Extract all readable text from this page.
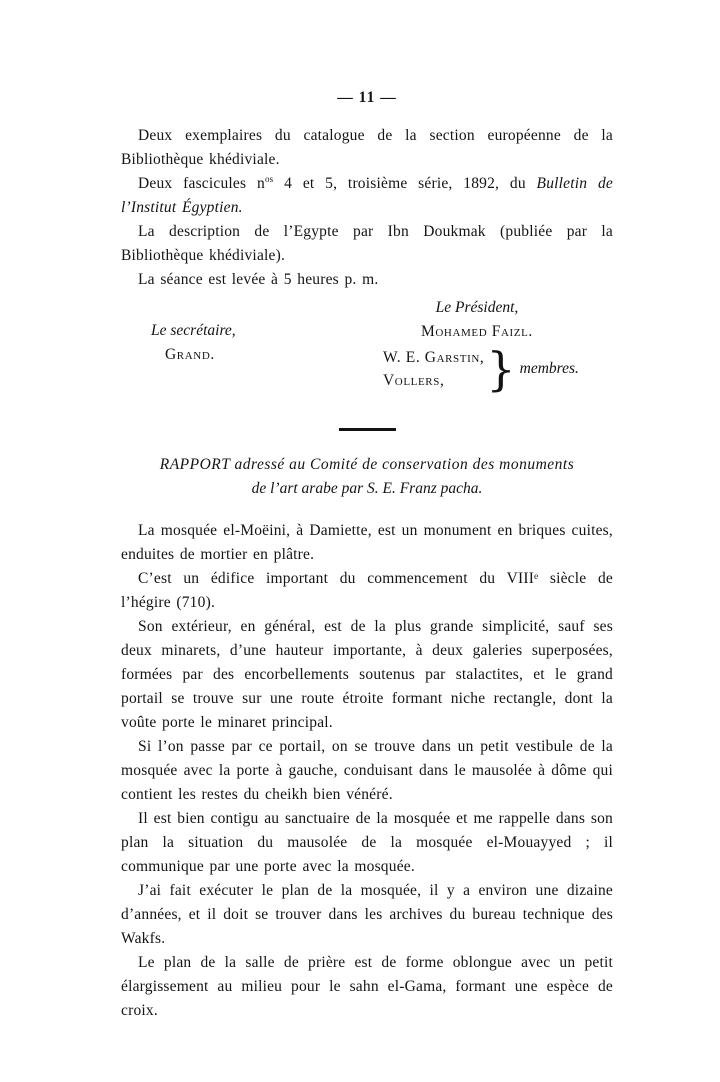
— 11 —

Deux exemplaires du catalogue de la section européenne de la Bibliothèque khédiviale.

Deux fascicules $n^{os}$ 4 et 5, troisième série, 1892, du Bulletin de l’Institut Égyptien.

La description de l’Egypte par Ibn Doukmak (publiée par la Bibliothèque khédiviale).

La séance est levée à 5 heures p. m.

Le Président,
Mohamed Faizl.
Le secrétaire,
Grand.	W. E. Garstin,
Vollers, } membres.
RAPPORT adressé au Comité de conservation des monuments
de l’art arabe par S. E. Franz pacha.

La mosquée el-Moëini, à Damiette, est un monument en briques cuites, enduites de mortier en plâtre.

C’est un édifice important du commencement du VIIIᵉ siècle de l’hégire (710).

Son extérieur, en général, est de la plus grande simplicité, sauf ses deux minarets, d’une hauteur importante, à deux galeries superposées, formées par des encorbellements soutenus par stalactites, et le grand portail se trouve sur une route étroite formant niche rectangle, dont la voûte porte le minaret principal.

Si l’on passe par ce portail, on se trouve dans un petit vestibule de la mosquée avec la porte à gauche, conduisant dans le mausolée à dôme qui contient les restes du cheikh bien vénéré.

Il est bien contigu au sanctuaire de la mosquée et me rappelle dans son plan la situation du mausolée de la mosquée el-Mouayyed ; il communique par une porte avec la mosquée.

J’ai fait exécuter le plan de la mosquée, il y a environ une dizaine d’années, et il doit se trouver dans les archives du bureau technique des Wakfs.

Le plan de la salle de prière est de forme oblongue avec un petit élargissement au milieu pour le sahn el-Gama, formant une espèce de croix.
